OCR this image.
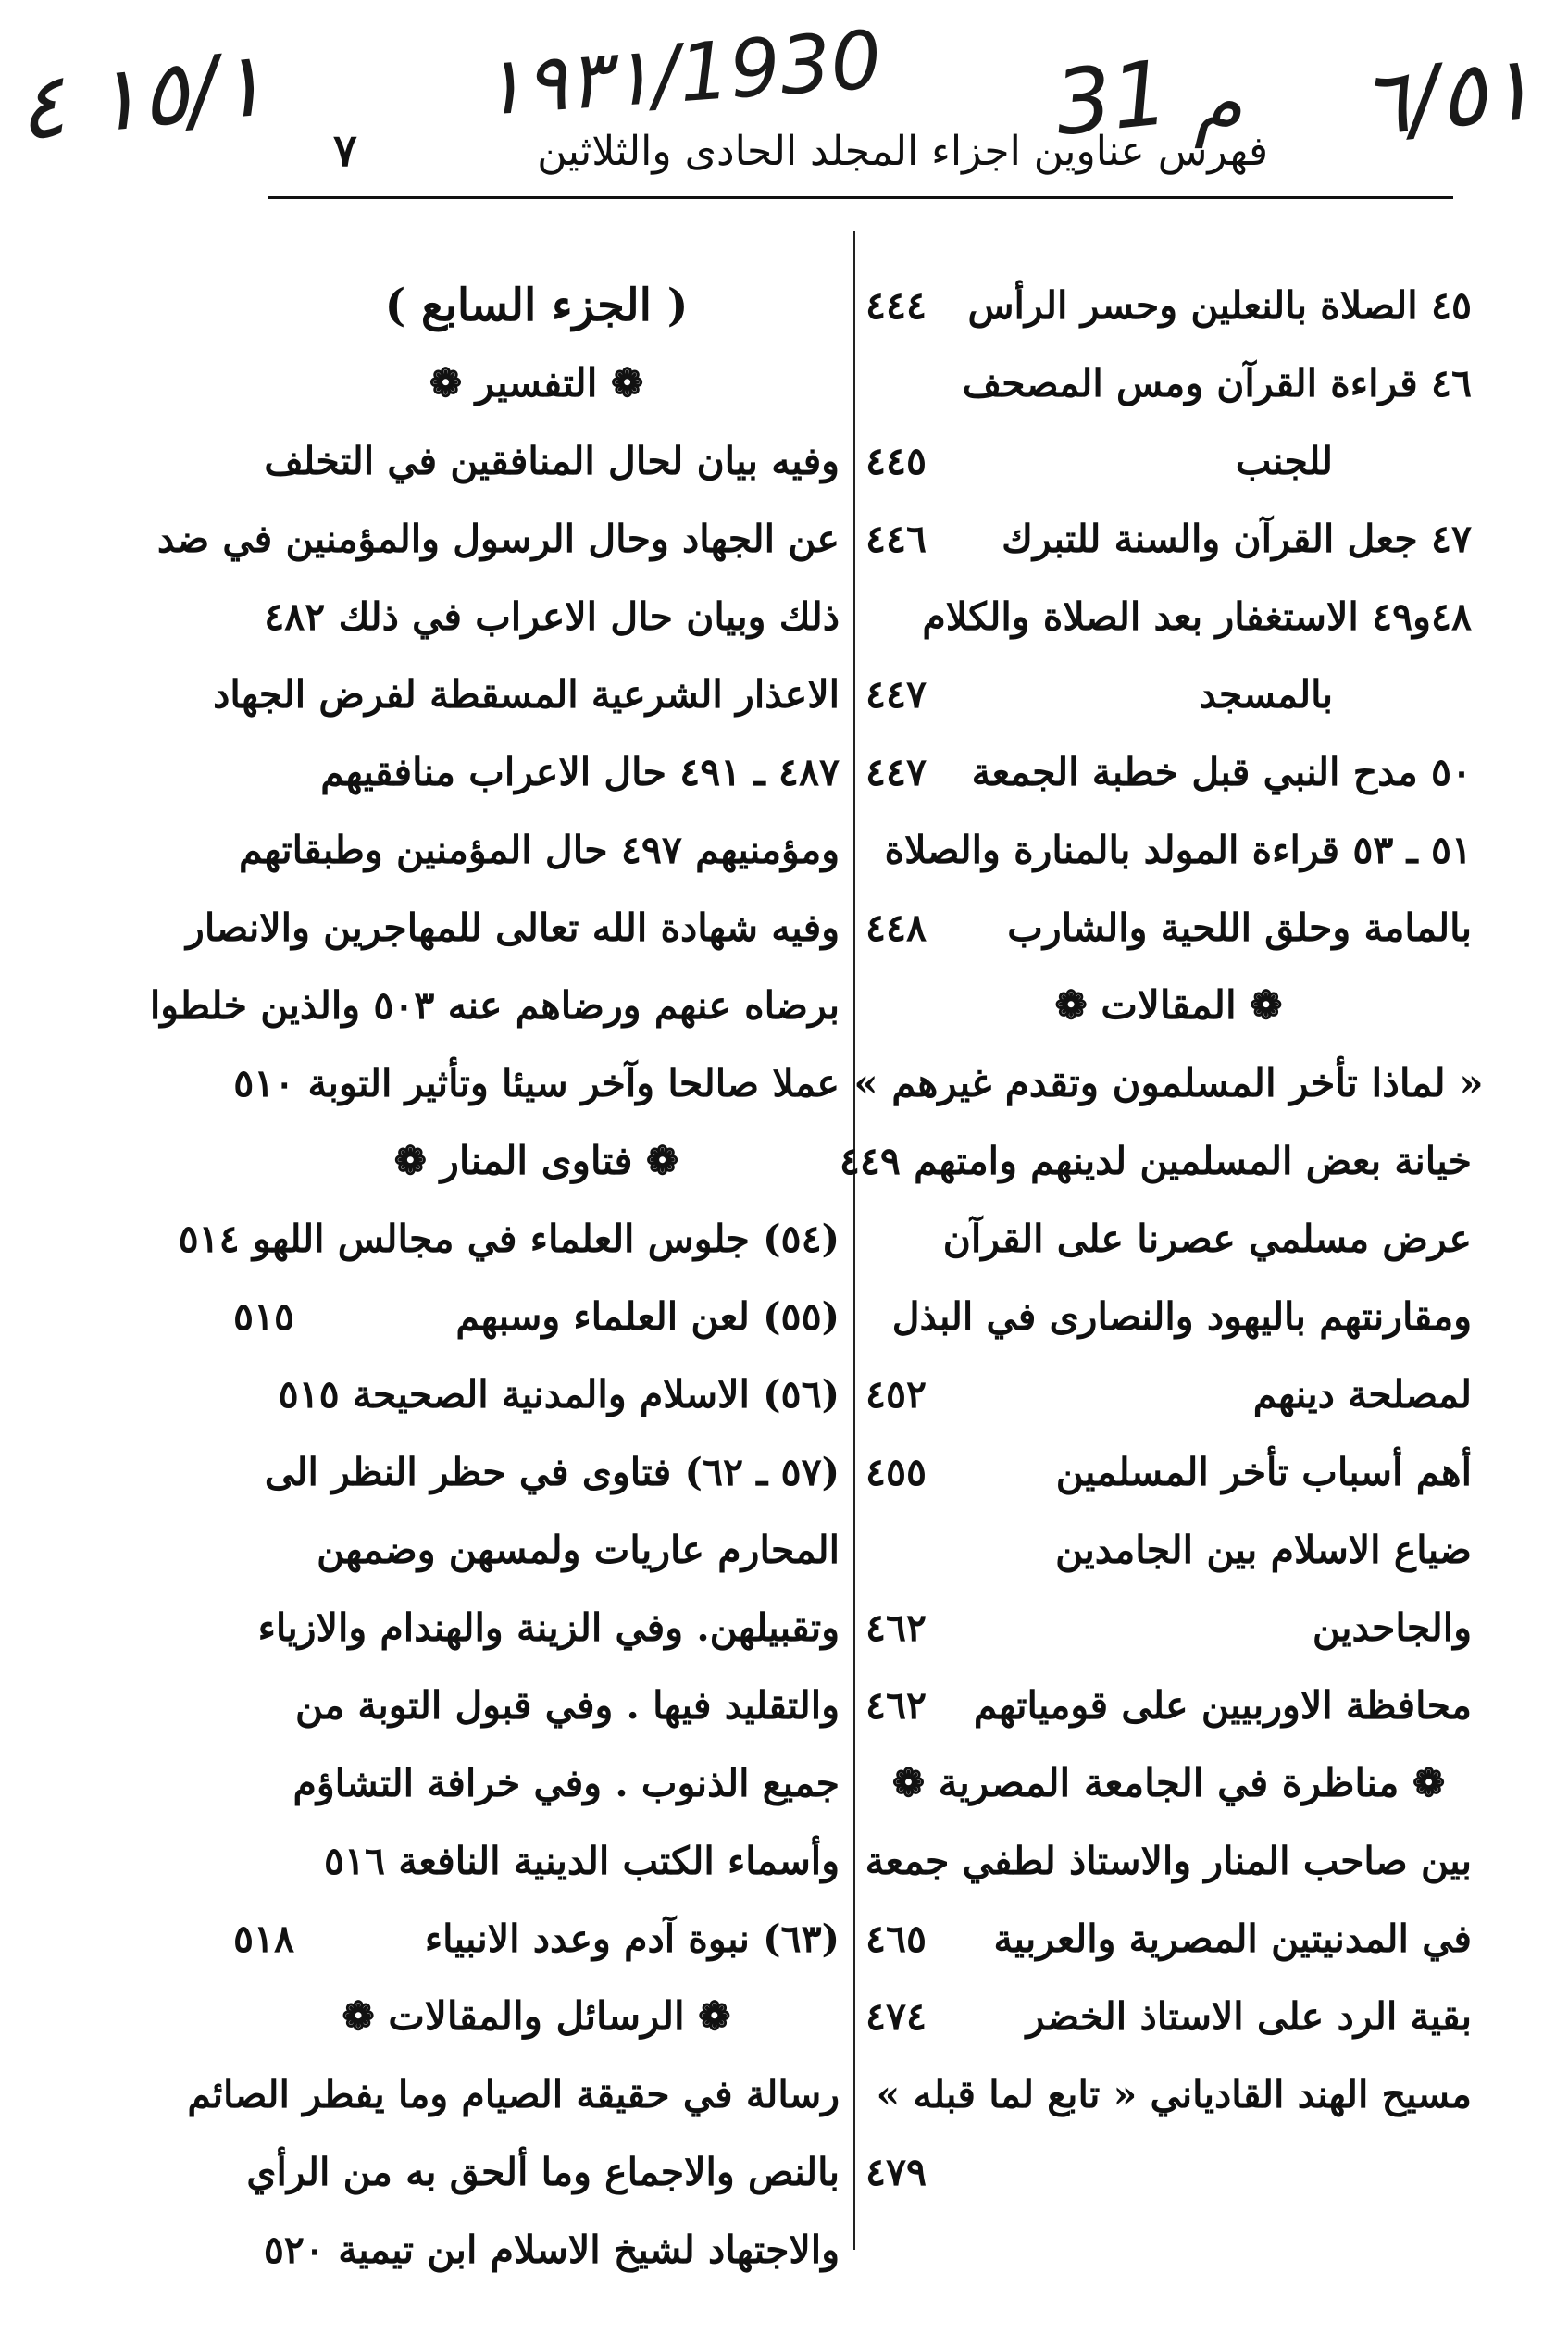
١٥/١ ٤	١٩٣١/1930 31 م ٦/٥١
فهرس عناوين اجزاء المجلد الحادى والثلاثين
٧
٤٥ الصلاة بالنعلين وحسر الرأس
٤٤٤
٤٦ قراءة القرآن ومس المصحف
للجنب
٤٤٥
٤٧ جعل القرآن والسنة للتبرك
٤٤٦
٤٨و٤٩ الاستغفار بعد الصلاة والكلام
بالمسجد
٤٤٧
٥٠ مدح النبي قبل خطبة الجمعة
٤٤٧
٥١ ـ ٥٣ قراءة المولد بالمنارة والصلاة
بالمامة وحلق اللحية والشارب
٤٤٨
❁ المقالات ❁
« لماذا تأخر المسلمون وتقدم غيرهم »
خيانة بعض المسلمين لدينهم وامتهم ٤٤٩
عرض مسلمي عصرنا على القرآن
ومقارنتهم باليهود والنصارى في البذل
لمصلحة دينهم
٤٥٢
أهم أسباب تأخر المسلمين
٤٥٥
ضياع الاسلام بين الجامدين
والجاحدين
٤٦٢
محافظة الاوربيين على قومياتهم
٤٦٢
❁ مناظرة في الجامعة المصرية ❁
بين صاحب المنار والاستاذ لطفي جمعة
في المدنيتين المصرية والعربية
٤٦٥
بقية الرد على الاستاذ الخضر
٤٧٤
مسيح الهند القادياني « تابع لما قبله »
٤٧٩
( الجزء السابع )
❁ التفسير ❁
وفيه بيان لحال المنافقين في التخلف
عن الجهاد وحال الرسول والمؤمنين في ضد
ذلك وبيان حال الاعراب في ذلك ٤٨٢
الاعذار الشرعية المسقطة لفرض الجهاد
٤٨٧ ـ ٤٩١ حال الاعراب منافقيهم
ومؤمنيهم ٤٩٧ حال المؤمنين وطبقاتهم
وفيه شهادة الله تعالى للمهاجرين والانصار
برضاه عنهم ورضاهم عنه ٥٠٣ والذين خلطوا
عملا صالحا وآخر سيئا وتأثير التوبة ٥١٠
❁ فتاوى المنار ❁
(٥٤) جلوس العلماء في مجالس اللهو ٥١٤
(٥٥) لعن العلماء وسبهم
٥١٥
(٥٦) الاسلام والمدنية الصحيحة ٥١٥
(٥٧ ـ ٦٢) فتاوى في حظر النظر الى
المحارم عاريات ولمسهن وضمهن
وتقبيلهن. وفي الزينة والهندام والازياء
والتقليد فيها . وفي قبول التوبة من
جميع الذنوب . وفي خرافة التشاؤم
وأسماء الكتب الدينية النافعة ٥١٦
(٦٣) نبوة آدم وعدد الانبياء
٥١٨
❁ الرسائل والمقالات ❁
رسالة في حقيقة الصيام وما يفطر الصائم
بالنص والاجماع وما ألحق به من الرأي
والاجتهاد لشيخ الاسلام ابن تيمية ٥٢٠
